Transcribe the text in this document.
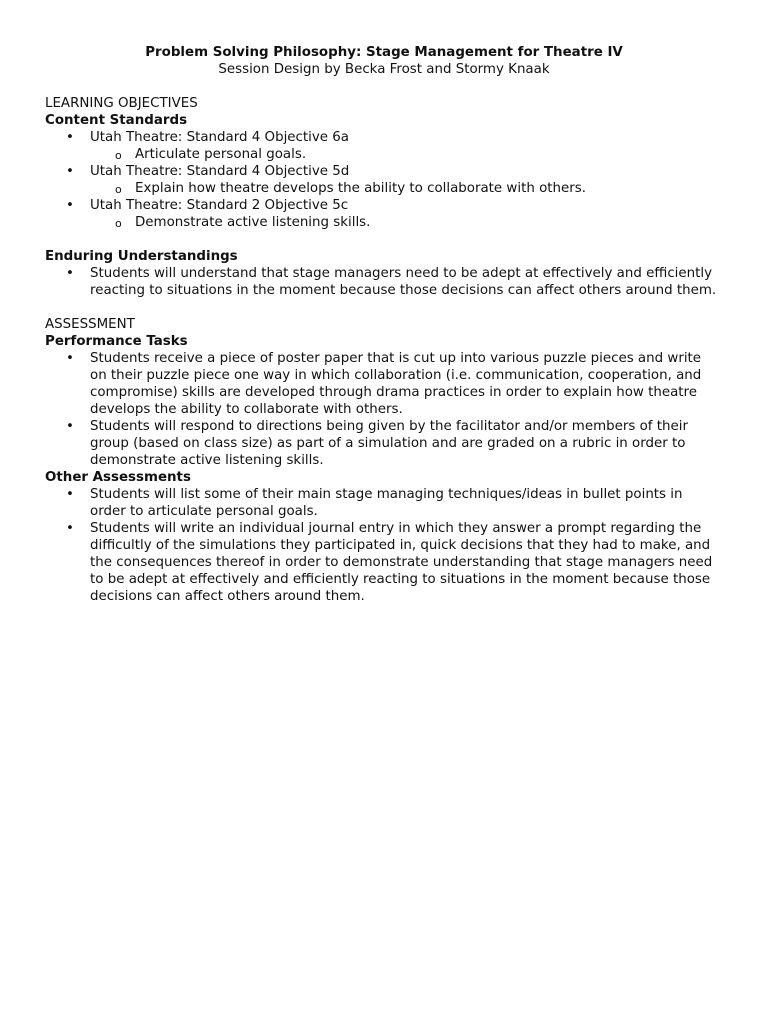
Problem Solving Philosophy: Stage Management for Theatre IV
Session Design by Becka Frost and Stormy Knaak
LEARNING OBJECTIVES
Content Standards
• Utah Theatre: Standard 4 Objective 6a
o Articulate personal goals.
• Utah Theatre: Standard 4 Objective 5d
o Explain how theatre develops the ability to collaborate with others.
• Utah Theatre: Standard 2 Objective 5c
o Demonstrate active listening skills.
Enduring Understandings
• Students will understand that stage managers need to be adept at effectively and efficiently reacting to situations in the moment because those decisions can affect others around them.
ASSESSMENT
Performance Tasks
• Students receive a piece of poster paper that is cut up into various puzzle pieces and write on their puzzle piece one way in which collaboration (i.e. communication, cooperation, and compromise) skills are developed through drama practices in order to explain how theatre develops the ability to collaborate with others.
• Students will respond to directions being given by the facilitator and/or members of their group (based on class size) as part of a simulation and are graded on a rubric in order to demonstrate active listening skills.
Other Assessments
• Students will list some of their main stage managing techniques/ideas in bullet points in order to articulate personal goals.
• Students will write an individual journal entry in which they answer a prompt regarding the difficultly of the simulations they participated in, quick decisions that they had to make, and the consequences thereof in order to demonstrate understanding that stage managers need to be adept at effectively and efficiently reacting to situations in the moment because those decisions can affect others around them.
